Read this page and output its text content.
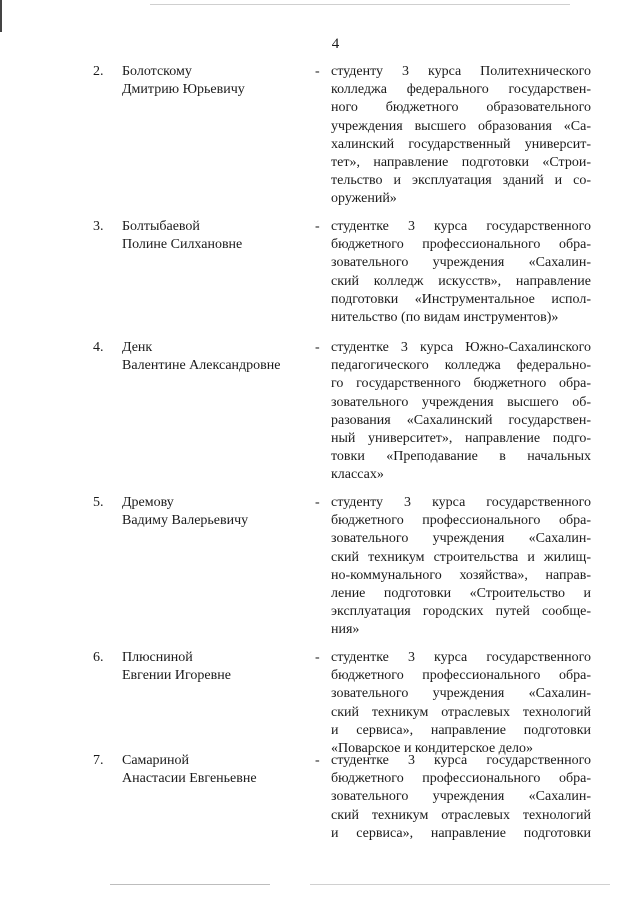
4
2. Болотскому
Дмитрию Юрьевичу
- студенту 3 курса Политехнического
колледжа федерального государствен-
ного бюджетного образовательного
учреждения высшего образования «Са-
халинский государственный университ-
тет», направление подготовки «Строи-
тельство и эксплуатация зданий и со-
оружений»
3. Болтыбаевой
Полине Силхановне
- студентке 3 курса государственного
бюджетного профессионального обра-
зовательного учреждения «Сахалин-
ский колледж искусств», направление
подготовки «Инструментальное испол-
нительство (по видам инструментов)»
4. Денк
Валентине Александровне
- студентке 3 курса Южно-Сахалинского
педагогического колледжа федерально-
го государственного бюджетного обра-
зовательного учреждения высшего об-
разования «Сахалинский государствен-
ный университет», направление подго-
товки «Преподавание в начальных
классах»
5. Дремову
Вадиму Валерьевичу
- студенту 3 курса государственного
бюджетного профессионального обра-
зовательного учреждения «Сахалин-
ский техникум строительства и жилищ-
но-коммунального хозяйства», направ-
ление подготовки «Строительство и
эксплуатация городских путей сообще-
ния»
6. Плюсниной
Евгении Игоревне
- студентке 3 курса государственного
бюджетного профессионального обра-
зовательного учреждения «Сахалин-
ский техникум отраслевых технологий
и сервиса», направление подготовки
«Поварское и кондитерское дело»
7. Самариной
Анастасии Евгеньевне
- студентке 3 курса государственного
бюджетного профессионального обра-
зовательного учреждения «Сахалин-
ский техникум отраслевых технологий
и сервиса», направление подготовки
